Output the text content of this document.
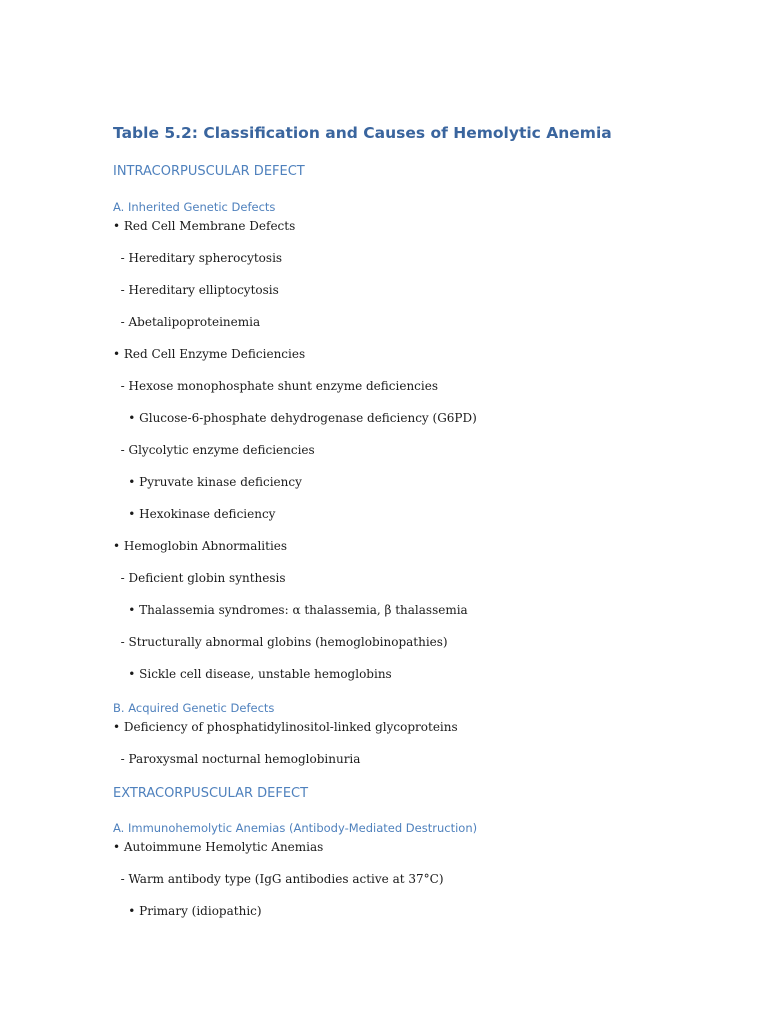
Table 5.2: Classification and Causes of Hemolytic Anemia
INTRACORPUSCULAR DEFECT
A. Inherited Genetic Defects

• Red Cell Membrane Defects

- Hereditary spherocytosis

- Hereditary elliptocytosis

- Abetalipoproteinemia

• Red Cell Enzyme Deficiencies

- Hexose monophosphate shunt enzyme deficiencies

• Glucose-6-phosphate dehydrogenase deficiency (G6PD)

- Glycolytic enzyme deficiencies

• Pyruvate kinase deficiency

• Hexokinase deficiency

• Hemoglobin Abnormalities

- Deficient globin synthesis

• Thalassemia syndromes: α thalassemia, β thalassemia

- Structurally abnormal globins (hemoglobinopathies)

• Sickle cell disease, unstable hemoglobins

B. Acquired Genetic Defects

• Deficiency of phosphatidylinositol-linked glycoproteins

- Paroxysmal nocturnal hemoglobinuria

EXTRACORPUSCULAR DEFECT
A. Immunohemolytic Anemias (Antibody-Mediated Destruction)

• Autoimmune Hemolytic Anemias

- Warm antibody type (IgG antibodies active at 37°C)

• Primary (idiopathic)
